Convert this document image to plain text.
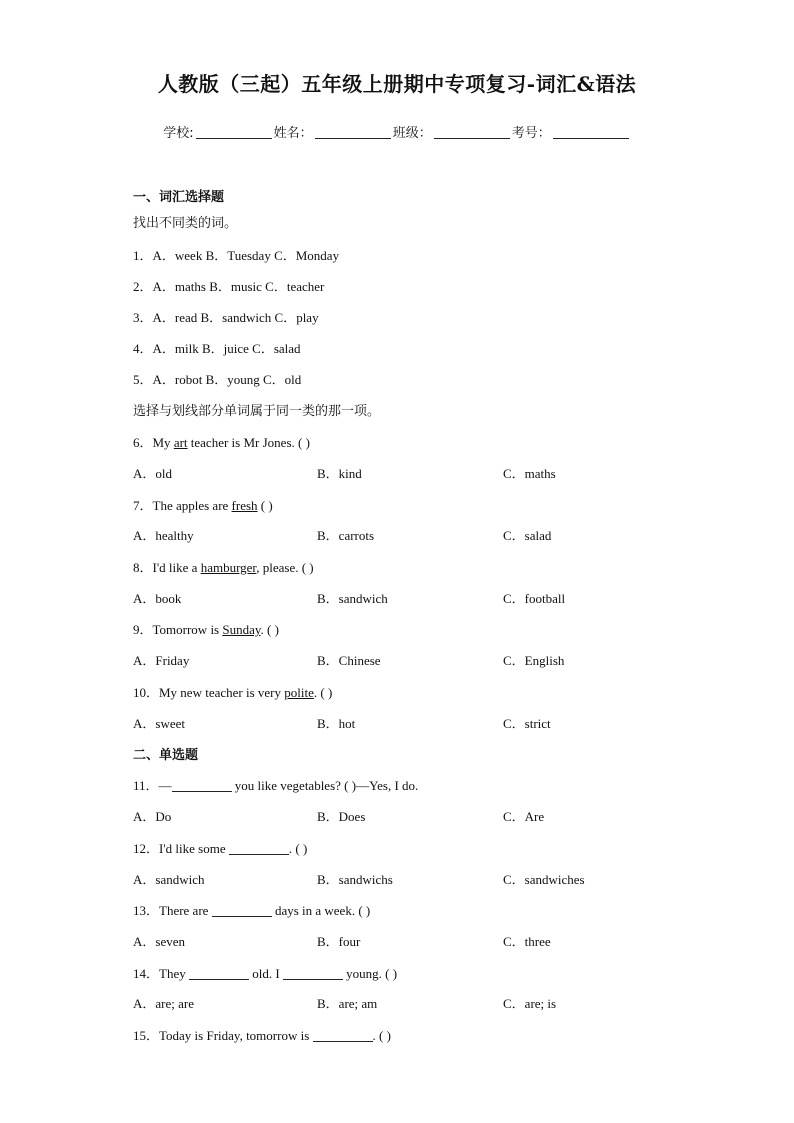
人教版（三起）五年级上册期中专项复习-词汇&语法
学校:	姓名：	班级：	考号：
一、词汇选择题
找出不同类的词。
1．A．week B．Tuesday C．Monday
2．A．maths B．music C．teacher
3．A．read B．sandwich C．play
4．A．milk B．juice C．salad
5．A．robot B．young C．old
选择与划线部分单词属于同一类的那一项。
6．My art teacher is Mr Jones. ( )
A．old	B．kind	C．maths
7．The apples are fresh ( )
A．healthy	B．carrots	C．salad
8．I'd like a hamburger, please. ( )
A．book	B．sandwich	C．football
9．Tomorrow is Sunday. ( )
A．Friday	B．Chinese	C．English
10．My new teacher is very polite. ( )
A．sweet	B．hot	C．strict
二、单选题
11．—	you like vegetables? ( )—Yes, I do.
A．Do	B．Does	C．Are
12．I'd like some	. ( )
A．sandwich	B．sandwichs	C．sandwiches
13．There are	days in a week. ( )
A．seven	B．four	C．three
14．They	old. I	young. ( )
A．are; are	B．are; am	C．are; is
15．Today is Friday, tomorrow is	. ( )
